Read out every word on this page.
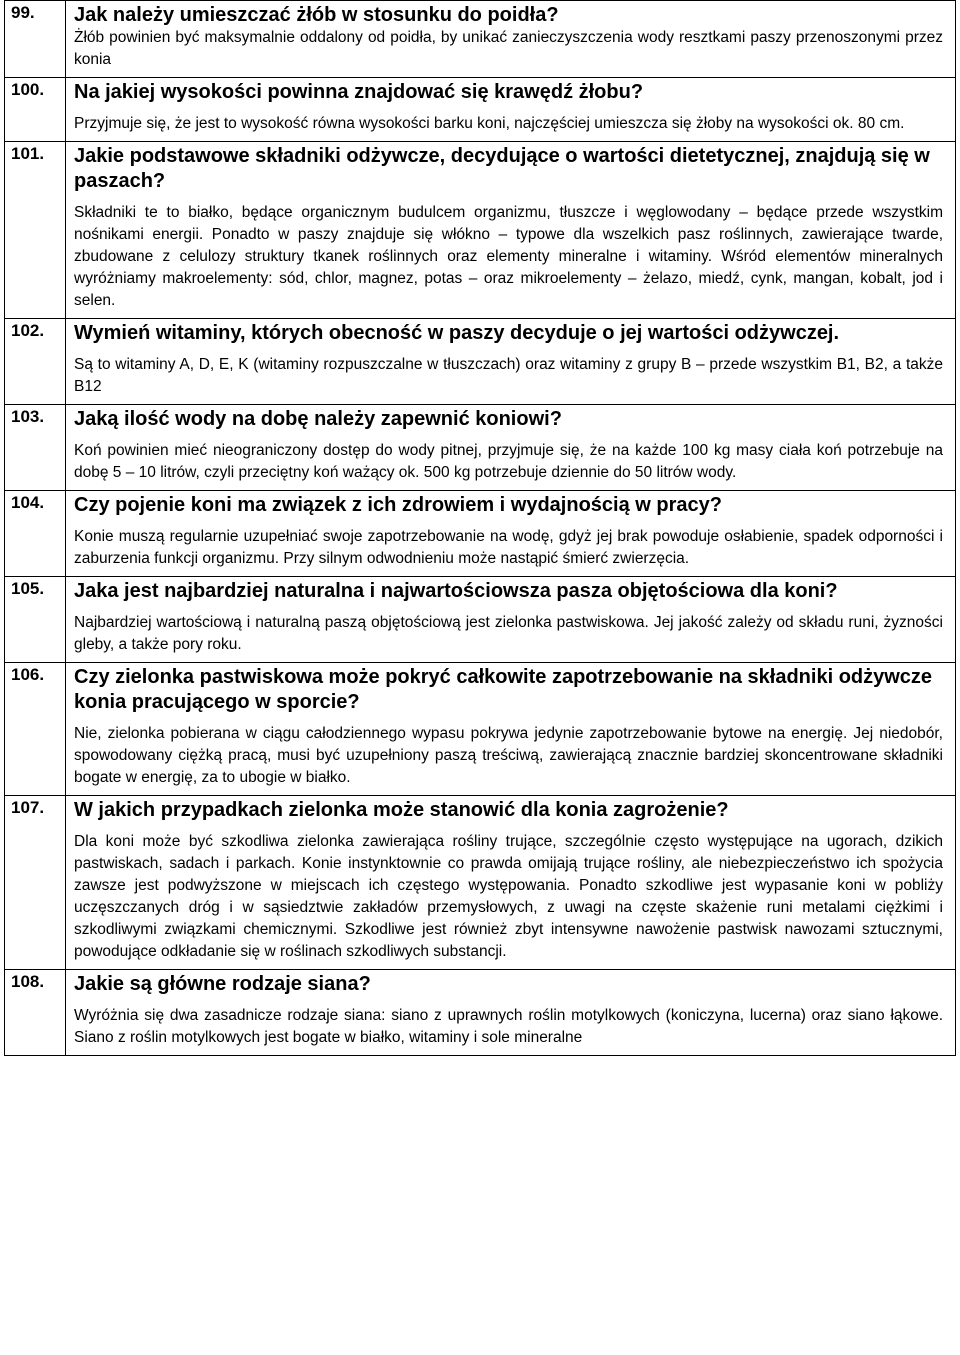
99.	Jak należy umieszczać żłób w stosunku do poidła?

Żłób powinien być maksymalnie oddalony od poidła, by unikać zanieczyszczenia wody resztkami paszy przenoszonymi przez konia

100.	Na jakiej wysokości powinna znajdować się krawędź żłobu?

Przyjmuje się, że jest to wysokość równa wysokości barku koni, najczęściej umieszcza się żłoby na wysokości ok. 80 cm.

101.	Jakie podstawowe składniki odżywcze, decydujące o wartości dietetycznej, znajdują się w paszach?

Składniki te to białko, będące organicznym budulcem organizmu, tłuszcze i węglowodany – będące przede wszystkim nośnikami energii. Ponadto w paszy znajduje się włókno – typowe dla wszelkich pasz roślinnych, zawierające twarde, zbudowane z celulozy struktury tkanek roślinnych oraz elementy mineralne i witaminy. Wśród elementów mineralnych wyróżniamy makroelementy: sód, chlor, magnez, potas – oraz mikroelementy – żelazo, miedź, cynk, mangan, kobalt, jod i selen.

102.	Wymień witaminy, których obecność w paszy decyduje o jej wartości odżywczej.

Są to witaminy A, D, E, K (witaminy rozpuszczalne w tłuszczach) oraz witaminy z grupy B – przede wszystkim B1, B2, a także B12

103.	Jaką ilość wody na dobę należy zapewnić koniowi?

Koń powinien mieć nieograniczony dostęp do wody pitnej, przyjmuje się, że na każde 100 kg masy ciała koń potrzebuje na dobę 5 – 10 litrów, czyli przeciętny koń ważący ok. 500 kg potrzebuje dziennie do 50 litrów wody.

104.	Czy pojenie koni ma związek z ich zdrowiem i wydajnością w pracy?

Konie muszą regularnie uzupełniać swoje zapotrzebowanie na wodę, gdyż jej brak powoduje osłabienie, spadek odporności i zaburzenia funkcji organizmu. Przy silnym odwodnieniu może nastąpić śmierć zwierzęcia.

105.	Jaka jest najbardziej naturalna i najwartościowsza pasza objętościowa dla koni?

Najbardziej wartościową i naturalną paszą objętościową jest zielonka pastwiskowa. Jej jakość zależy od składu runi, żyzności gleby, a także pory roku.

106.	Czy zielonka pastwiskowa może pokryć całkowite zapotrzebowanie na składniki odżywcze konia pracującego w sporcie?

Nie, zielonka pobierana w ciągu całodziennego wypasu pokrywa jedynie zapotrzebowanie bytowe na energię. Jej niedobór, spowodowany ciężką pracą, musi być uzupełniony paszą treściwą, zawierającą znacznie bardziej skoncentrowane składniki bogate w energię, za to ubogie w białko.

107.	W jakich przypadkach zielonka może stanowić dla konia zagrożenie?

Dla koni może być szkodliwa zielonka zawierająca rośliny trujące, szczególnie często występujące na ugorach, dzikich pastwiskach, sadach i parkach. Konie instynktownie co prawda omijają trujące rośliny, ale niebezpieczeństwo ich spożycia zawsze jest podwyższone w miejscach ich częstego występowania. Ponadto szkodliwe jest wypasanie koni w pobliży uczęszczanych dróg i w sąsiedztwie zakładów przemysłowych, z uwagi na częste skażenie runi metalami ciężkimi i szkodliwymi związkami chemicznymi. Szkodliwe jest również zbyt intensywne nawożenie pastwisk nawozami sztucznymi, powodujące odkładanie się w roślinach szkodliwych substancji.

108.	Jakie są główne rodzaje siana?

Wyróżnia się dwa zasadnicze rodzaje siana: siano z uprawnych roślin motylkowych (koniczyna, lucerna) oraz siano łąkowe. Siano z roślin motylkowych jest bogate w białko, witaminy i sole mineralne
